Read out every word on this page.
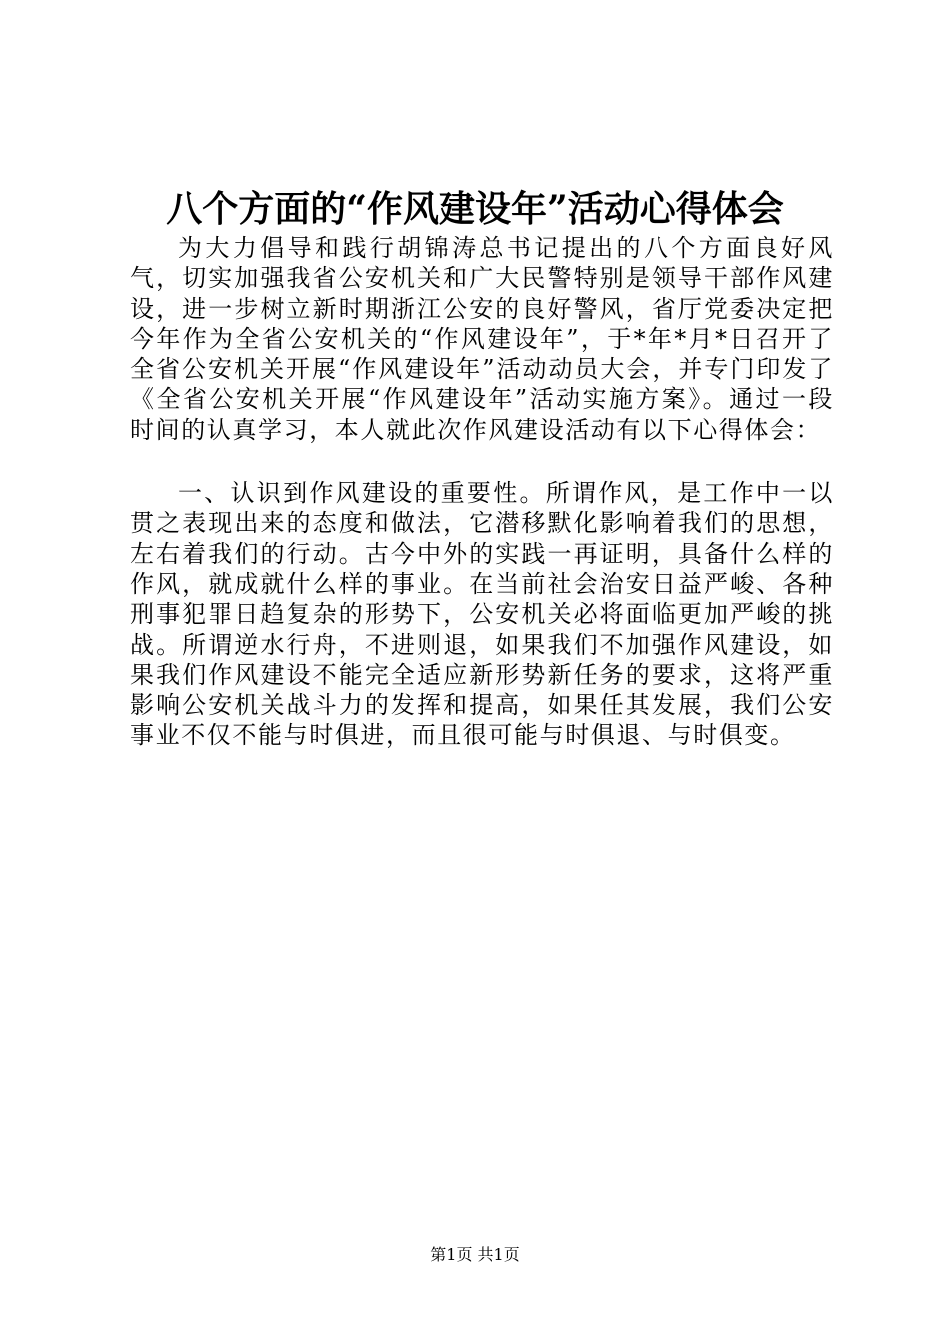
八个方面的“作风建设年”活动心得体会

为大力倡导和践行胡锦涛总书记提出的八个方面良好风气，切实加强我省公安机关和广大民警特别是领导干部作风建设，进一步树立新时期浙江公安的良好警风，省厅党委决定把今年作为全省公安机关的“作风建设年”，于*年*月*日召开了全省公安机关开展“作风建设年”活动动员大会，并专门印发了《全省公安机关开展“作风建设年”活动实施方案》。通过一段时间的认真学习，本人就此次作风建设活动有以下心得体会：

一、认识到作风建设的重要性。所谓作风，是工作中一以贯之表现出来的态度和做法，它潜移默化影响着我们的思想，左右着我们的行动。古今中外的实践一再证明，具备什么样的作风，就成就什么样的事业。在当前社会治安日益严峻、各种刑事犯罪日趋复杂的形势下，公安机关必将面临更加严峻的挑战。所谓逆水行舟，不进则退，如果我们不加强作风建设，如果我们作风建设不能完全适应新形势新任务的要求，这将严重影响公安机关战斗力的发挥和提高，如果任其发展，我们公安事业不仅不能与时俱进，而且很可能与时俱退、与时俱变。

第1页 共1页
